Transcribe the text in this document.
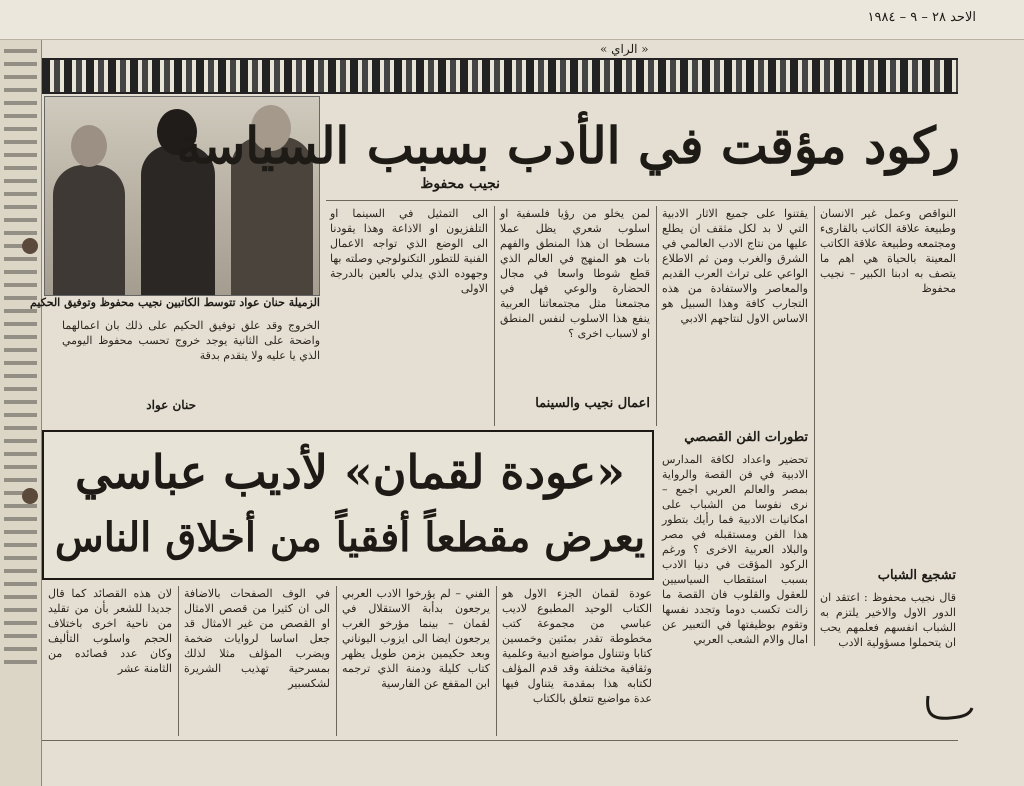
الاحد ٢٨ – ٩ – ١٩٨٤
« الراي »
الزميلة حنان عواد تتوسط الكاتبين نجيب محفوظ وتوفيق الحكيم
ركود مؤقت في الأدب بسبب السياسة
نجيب محفوظ
النواقص وعمل غير الانسان وطبيعة علاقة الكاتب بالقارىء ومجتمعه وطبيعة علاقة الكاتب المعينة بالحياة هي اهم ما يتصف به ادبنا الكبير – نجيب محفوظ
تشجيع الشباب
قال نجيب محفوظ : اعتقد ان الدور الاول والاخير يلتزم به الشباب انفسهم فعلمهم يحب ان يتحملوا مسؤولية الادب
يقتنوا على جميع الاثار الادبية التي لا بد لكل مثقف ان يطلع عليها من نتاج الادب العالمي في الشرق والغرب ومن ثم الاطلاع الواعي على تراث العرب القديم والمعاصر والاستفادة من هذه التجارب كافة وهذا السبيل هو الاساس الاول لنتاجهم الادبي
لمن يخلو من رؤيا فلسفية او اسلوب شعري يظل عملا مسطحا ان هذا المنطق والفهم بات هو المنهج في العالم الذي قطع شوطا واسعا في مجال الحضارة والوعي فهل في مجتمعنا مثل مجتمعاتنا العربية ينفع هذا الاسلوب لنفس المنطق او لاسباب اخرى ؟
اعمال نجيب والسينما
الى التمثيل في السينما او التلفزيون او الاذاعة وهذا يقودنا الى الوضع الذي تواجه الاعمال الفنية للتطور التكنولوجي وصلته بها وجهوده الذي يدلي بالعين بالدرجة الاولى
الخروج وقد علق توفيق الحكيم على ذلك بان اعمالهما واضحة على الثانية يوجد خروج تحسب محفوظ اليومي الذي يا عليه ولا يتقدم بدقة
حنان عواد
تطورات الفن القصصي
تحضير واعداد لكافة المدارس الادبية في فن القصة والرواية بمصر والعالم العربي اجمع – نرى نفوسا من الشباب على امكانيات الادبية فما رأيك بتطور هذا الفن ومستقبله في مصر والبلاد العربية الاخرى ؟ ورغم الركود المؤقت في دنيا الادب بسبب استقطاب السياسيين للعقول والقلوب فان القصة ما زالت تكسب دوما وتجدد نفسها وتقوم بوظيفتها في التعبير عن امال والام الشعب العربي
«عودة لقمان» لأديب عباسي
يعرض مقطعاً أفقياً من أخلاق الناس
عودة لقمان الجزء الاول هو الكتاب الوحيد المطبوع لاديب عباسي من مجموعة كتب مخطوطة تقدر بمئتين وخمسين كتابا وتتناول مواضيع ادبية وعلمية وثقافية مختلفة وقد قدم المؤلف لكتابه هذا بمقدمة يتناول فيها عدة مواضيع تتعلق بالكتاب
الفني – لم يؤرخوا الادب العربي يرجعون بدأبة الاستقلال في لقمان – بينما مؤرخو الغرب يرجعون ايضا الى ايزوب اليوناني وبعد حكيمين بزمن طويل يظهر كتاب كليلة ودمنة الذي ترجمه ابن المقفع عن الفارسية
في الوف الصفحات بالاضافة الى ان كثيرا من قصص الامثال او القصص من غير الامثال قد جعل اساسا لروايات ضخمة ويضرب المؤلف مثلا لذلك بمسرحية تهذيب الشريرة لشكسبير
لان هذه القصائد كما قال جديدا للشعر بأن من تقليد من ناحية اخرى باختلاف الحجم واسلوب التأليف وكان عدد قصائده من الثامنة عشر
